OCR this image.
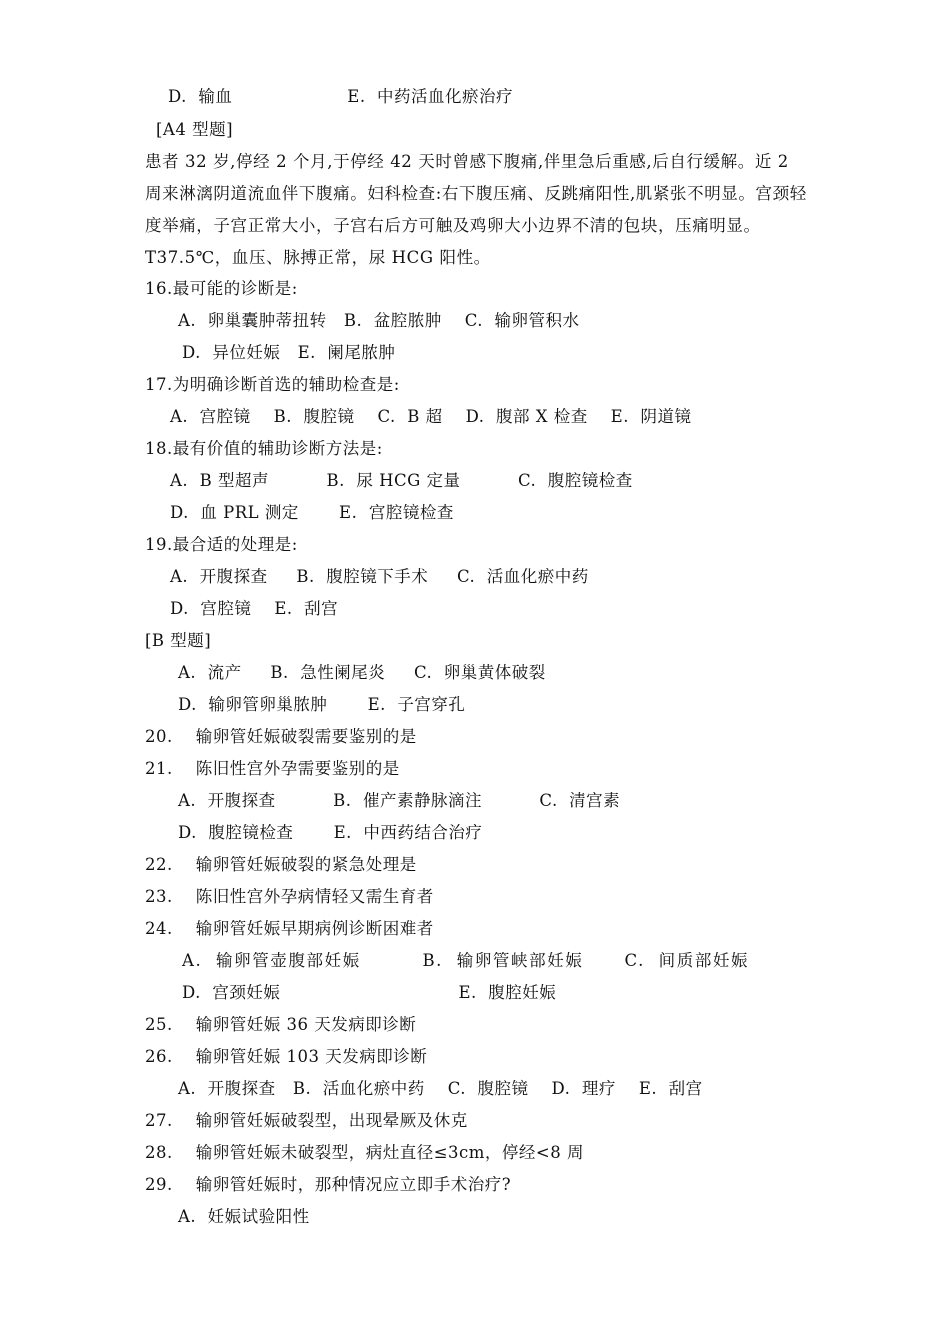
D.  输血                    E.  中药活血化瘀治疗
[A4 型题]
患者 32 岁,停经 2 个月,于停经 42 天时曾感下腹痛,伴里急后重感,后自行缓解。近 2 周来淋漓阴道流血伴下腹痛。妇科检查:右下腹压痛、反跳痛阳性,肌紧张不明显。宫颈轻度举痛，子宫正常大小，子宫右后方可触及鸡卵大小边界不清的包块，压痛明显。T37.5℃，血压、脉搏正常，尿 HCG 阳性。
16.最可能的诊断是:
A.  卵巢囊肿蒂扭转   B.  盆腔脓肿    C.  输卵管积水
D.  异位妊娠   E.  阑尾脓肿
17.为明确诊断首选的辅助检查是:
A.  宫腔镜    B.  腹腔镜    C.  B 超    D.  腹部 X 检查    E.  阴道镜
18.最有价值的辅助诊断方法是:
A.  B 型超声          B.  尿 HCG 定量          C.  腹腔镜检查
D.  血 PRL 测定       E.  宫腔镜检查
19.最合适的处理是:
A.  开腹探查     B.  腹腔镜下手术     C.  活血化瘀中药
D.  宫腔镜    E.  刮宫
[B 型题]
A.  流产     B.  急性阑尾炎     C.  卵巢黄体破裂
D.  输卵管卵巢脓肿       E.  子宫穿孔
20.    输卵管妊娠破裂需要鉴别的是
21.    陈旧性宫外孕需要鉴别的是
A.  开腹探查          B.  催产素静脉滴注          C.  清宫素
D.  腹腔镜检查       E.  中西药结合治疗
22.    输卵管妊娠破裂的紧急处理是
23.    陈旧性宫外孕病情轻又需生育者
24.    输卵管妊娠早期病例诊断困难者
A.  输卵管壶腹部妊娠         B.  输卵管峡部妊娠      C.  间质部妊娠
D.  宫颈妊娠                               E.  腹腔妊娠
25.    输卵管妊娠 36 天发病即诊断
26.    输卵管妊娠 103 天发病即诊断
A.  开腹探查   B.  活血化瘀中药    C.  腹腔镜    D.  理疗    E.  刮宫
27.    输卵管妊娠破裂型，出现晕厥及休克
28.    输卵管妊娠未破裂型，病灶直径≤3cm，停经<8 周
29.    输卵管妊娠时，那种情况应立即手术治疗?
A.  妊娠试验阳性
